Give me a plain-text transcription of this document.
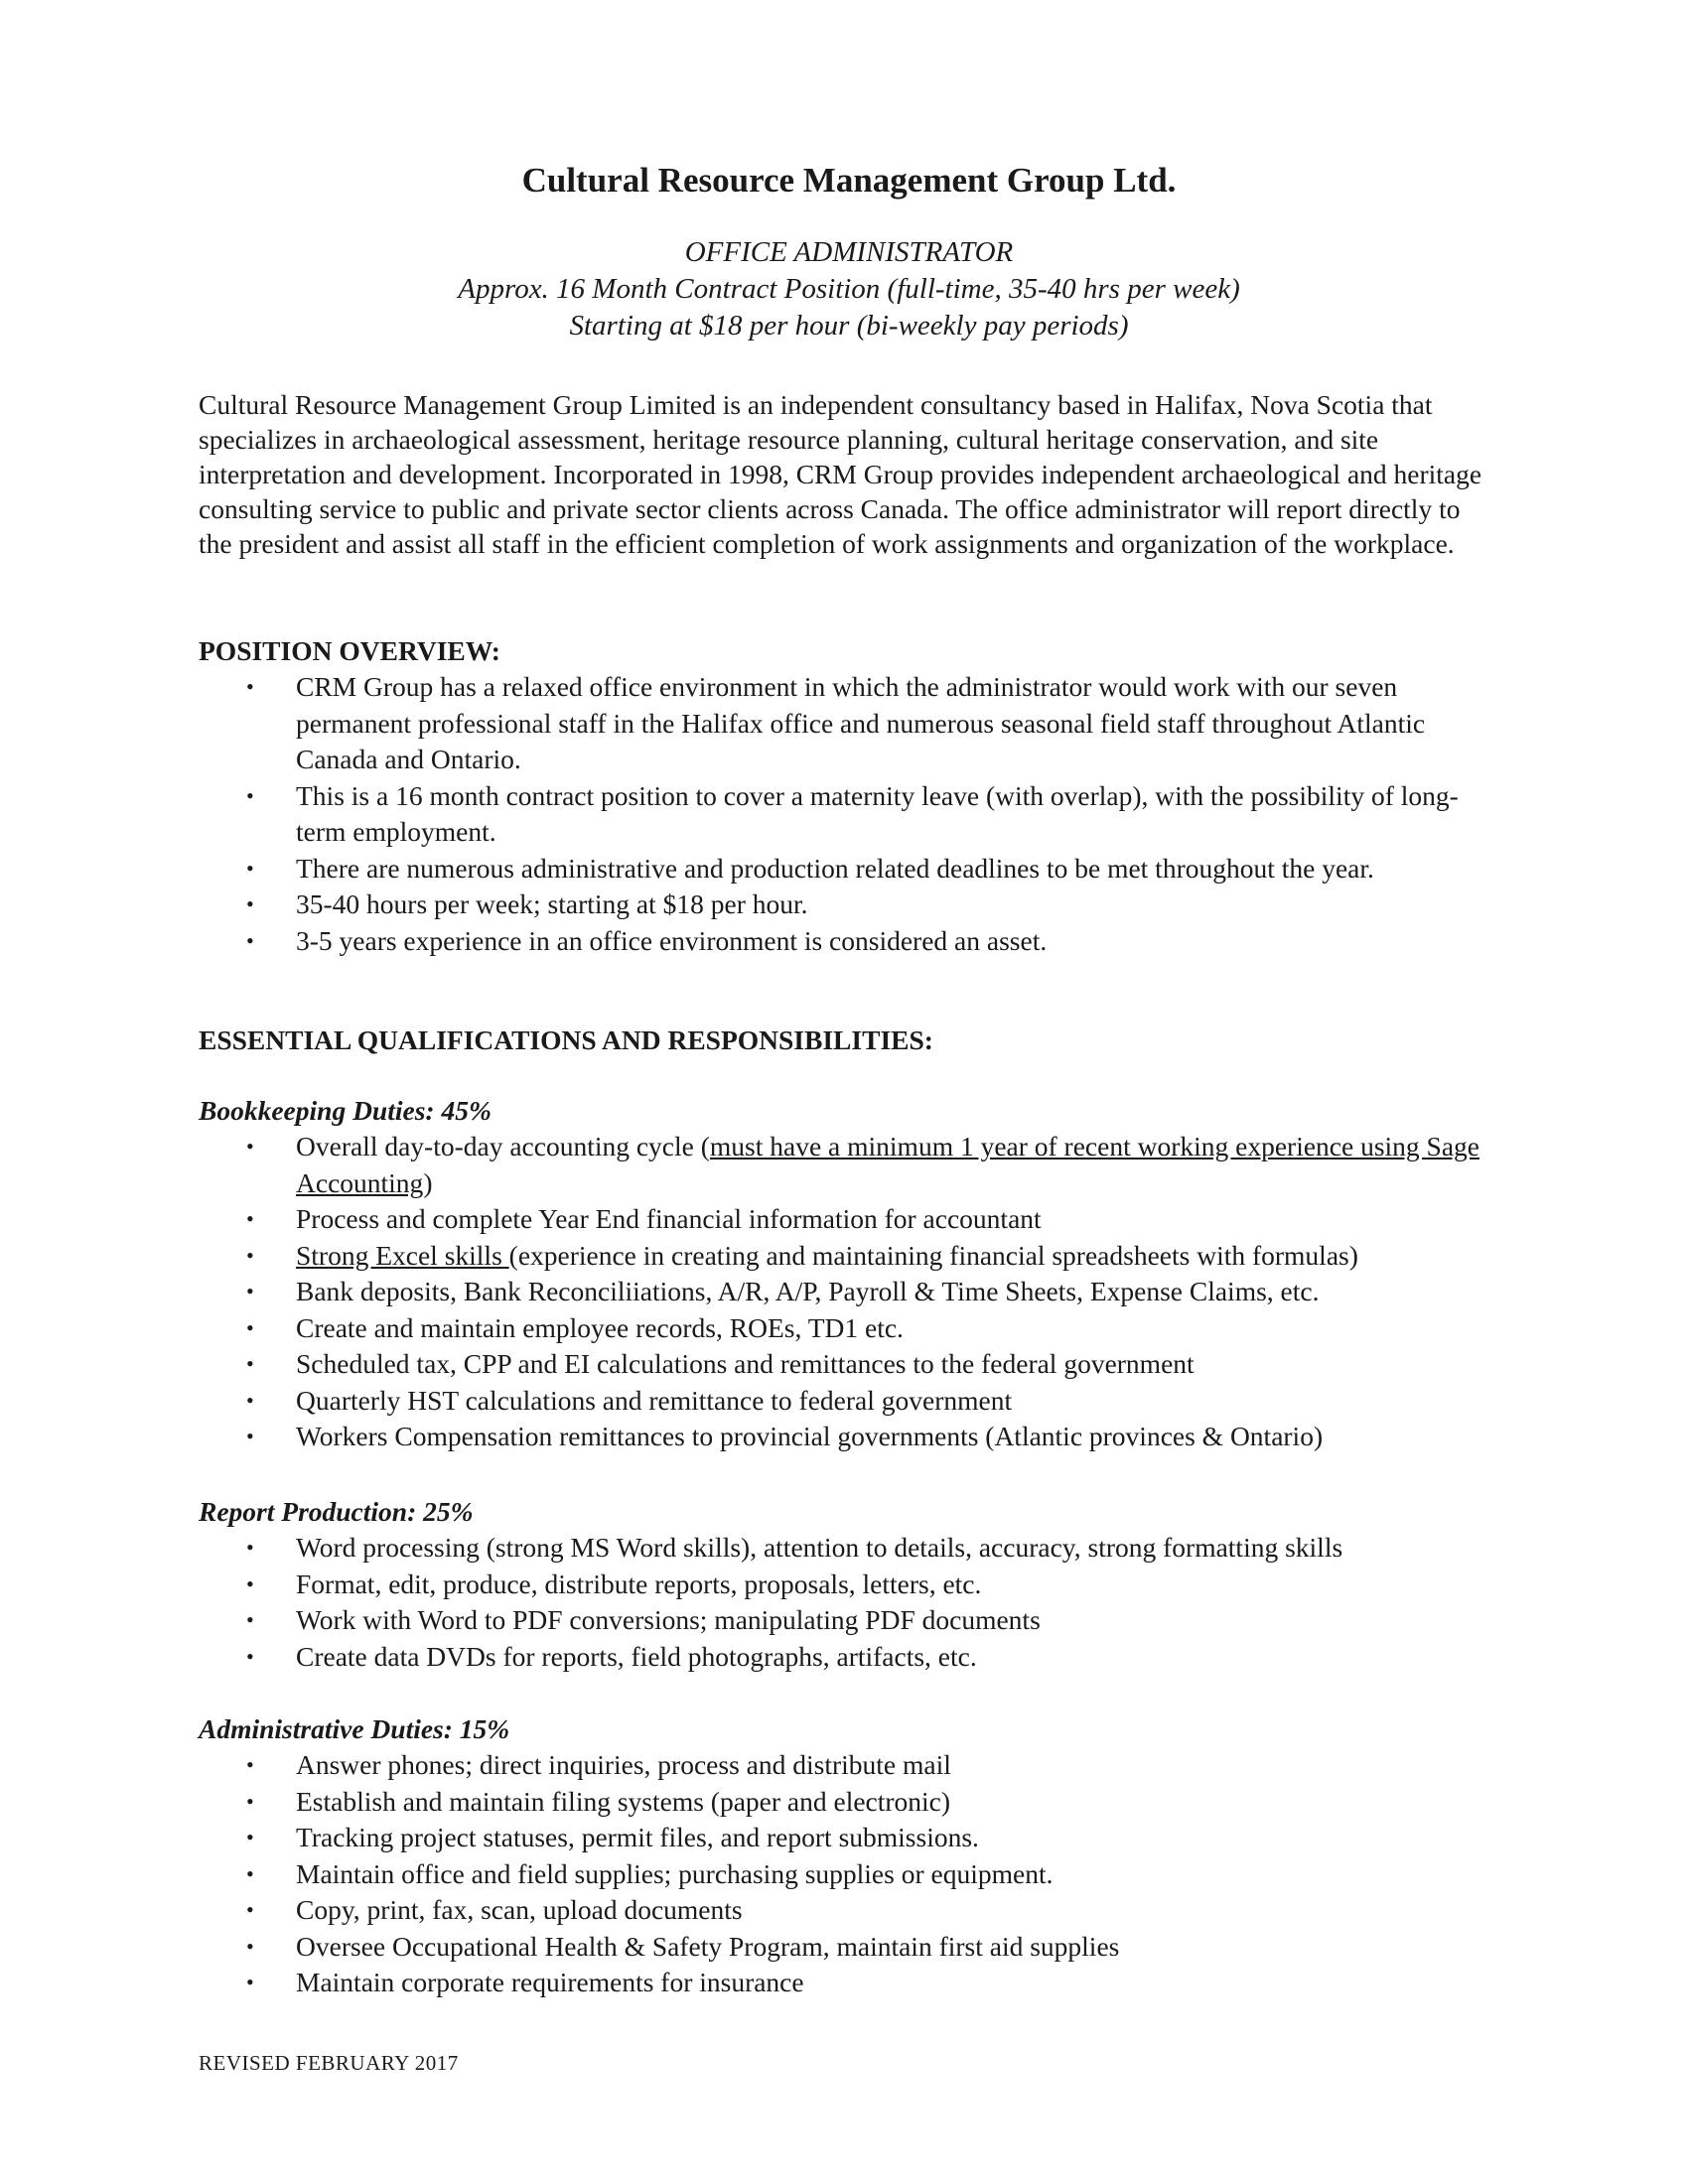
Cultural Resource Management Group Ltd.
OFFICE ADMINISTRATOR
Approx. 16 Month Contract Position (full-time, 35-40 hrs per week)
Starting at $18 per hour (bi-weekly pay periods)

Cultural Resource Management Group Limited is an independent consultancy based in Halifax, Nova Scotia that specializes in archaeological assessment, heritage resource planning, cultural heritage conservation, and site interpretation and development. Incorporated in 1998, CRM Group provides independent archaeological and heritage consulting service to public and private sector clients across Canada. The office administrator will report directly to the president and assist all staff in the efficient completion of work assignments and organization of the workplace.

POSITION OVERVIEW:
• CRM Group has a relaxed office environment in which the administrator would work with our seven permanent professional staff in the Halifax office and numerous seasonal field staff throughout Atlantic Canada and Ontario.
• This is a 16 month contract position to cover a maternity leave (with overlap), with the possibility of long-term employment.
• There are numerous administrative and production related deadlines to be met throughout the year.
• 35-40 hours per week; starting at $18 per hour.
• 3-5 years experience in an office environment is considered an asset.
ESSENTIAL QUALIFICATIONS AND RESPONSIBILITIES:
Bookkeeping Duties: 45%
• Overall day-to-day accounting cycle (must have a minimum 1 year of recent working experience using Sage Accounting)
• Process and complete Year End financial information for accountant
• Strong Excel skills (experience in creating and maintaining financial spreadsheets with formulas)
• Bank deposits, Bank Reconciliiations, A/R, A/P, Payroll & Time Sheets, Expense Claims, etc.
• Create and maintain employee records, ROEs, TD1 etc.
• Scheduled tax, CPP and EI calculations and remittances to the federal government
• Quarterly HST calculations and remittance to federal government
• Workers Compensation remittances to provincial governments (Atlantic provinces & Ontario)
Report Production: 25%
• Word processing (strong MS Word skills), attention to details, accuracy, strong formatting skills
• Format, edit, produce, distribute reports, proposals, letters, etc.
• Work with Word to PDF conversions; manipulating PDF documents
• Create data DVDs for reports, field photographs, artifacts, etc.
Administrative Duties: 15%
• Answer phones; direct inquiries, process and distribute mail
• Establish and maintain filing systems (paper and electronic)
• Tracking project statuses, permit files, and report submissions.
• Maintain office and field supplies; purchasing supplies or equipment.
• Copy, print, fax, scan, upload documents
• Oversee Occupational Health & Safety Program, maintain first aid supplies
• Maintain corporate requirements for insurance
REVISED FEBRUARY 2017
